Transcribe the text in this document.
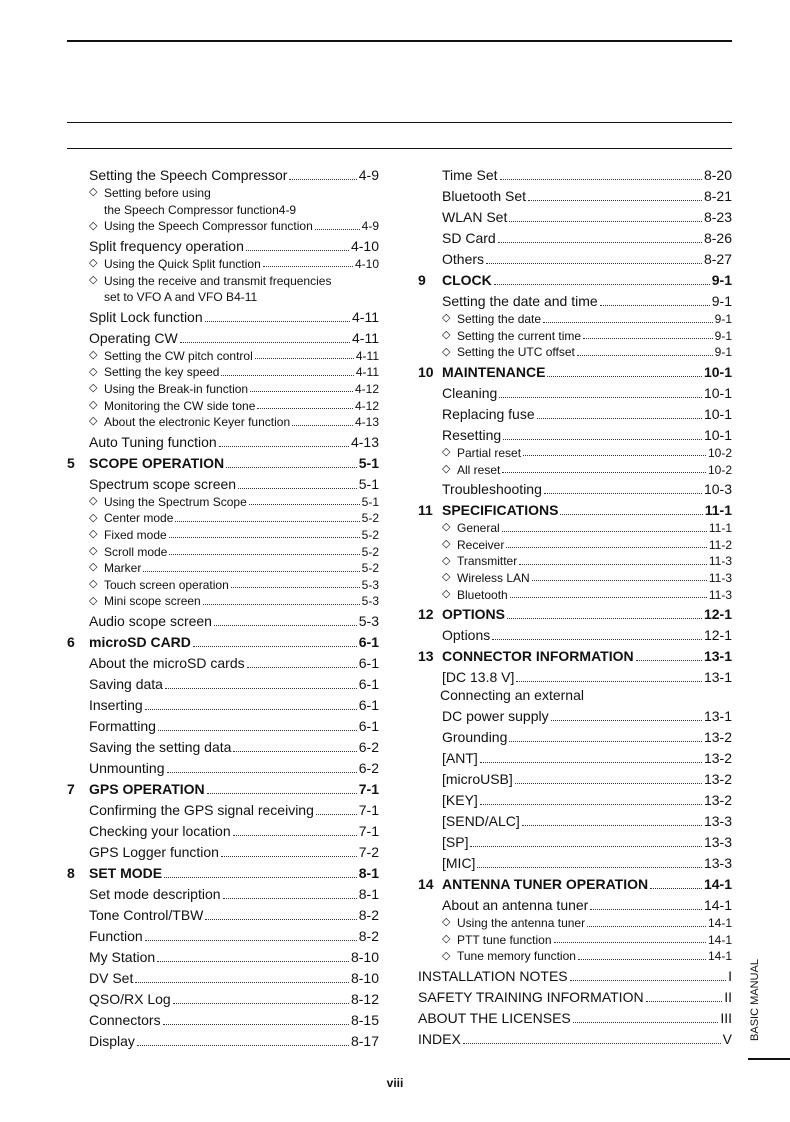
Setting the Speech Compressor	4-9
◇ Setting before using
the Speech Compressor function 4-9
◇ Using the Speech Compressor function	4-9
Split frequency operation	4-10
◇ Using the Quick Split function	4-10
◇ Using the receive and transmit frequencies
set to VFO A and VFO B 4-11
Split Lock function	4-11
Operating CW	4-11
◇ Setting the CW pitch control	4-11
◇ Setting the key speed	4-11
◇ Using the Break-in function	4-12
◇ Monitoring the CW side tone	4-12
◇ About the electronic Keyer function	4-13
Auto Tuning function	4-13
5 SCOPE OPERATION	5-1
Spectrum scope screen	5-1
◇ Using the Spectrum Scope	5-1
◇ Center mode	5-2
◇ Fixed mode	5-2
◇ Scroll mode	5-2
◇ Marker	5-2
◇ Touch screen operation	5-3
◇ Mini scope screen	5-3
Audio scope screen	5-3
6 microSD CARD	6-1
About the microSD cards	6-1
Saving data	6-1
Inserting	6-1
Formatting	6-1
Saving the setting data	6-2
Unmounting	6-2
7 GPS OPERATION	7-1
Confirming the GPS signal receiving	7-1
Checking your location	7-1
GPS Logger function	7-2
8 SET MODE	8-1
Set mode description	8-1
Tone Control/TBW	8-2
Function	8-2
My Station	8-10
DV Set	8-10
QSO/RX Log	8-12
Connectors	8-15
Display	8-17
Time Set	8-20
Bluetooth Set	8-21
WLAN Set	8-23
SD Card	8-26
Others	8-27
9 CLOCK	9-1
Setting the date and time	9-1
◇ Setting the date	9-1
◇ Setting the current time	9-1
◇ Setting the UTC offset	9-1
10 MAINTENANCE	10-1
Cleaning	10-1
Replacing fuse	10-1
Resetting	10-1
◇ Partial reset	10-2
◇ All reset	10-2
Troubleshooting	10-3
11 SPECIFICATIONS	11-1
◇ General	11-1
◇ Receiver	11-2
◇ Transmitter	11-3
◇ Wireless LAN	11-3
◇ Bluetooth	11-3
12 OPTIONS	12-1
Options	12-1
13 CONNECTOR INFORMATION	13-1
[DC 13.8 V]	13-1
Connecting an external
DC power supply	13-1
Grounding	13-2
[ANT]	13-2
[microUSB]	13-2
[KEY]	13-2
[SEND/ALC]	13-3
[SP]	13-3
[MIC]	13-3
14 ANTENNA TUNER OPERATION	14-1
About an antenna tuner	14-1
◇ Using the antenna tuner	14-1
◇ PTT tune function	14-1
◇ Tune memory function	14-1
INSTALLATION NOTES	I
SAFETY TRAINING INFORMATION	II
ABOUT THE LICENSES	III
INDEX	V
viii
BASIC MANUAL
